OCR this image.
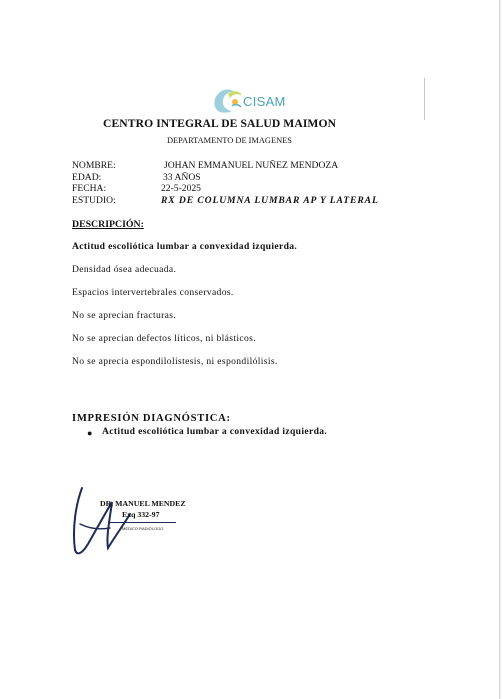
CISAM
· · · · · · · · · · · · ·
CENTRO INTEGRAL DE SALUD MAIMON
DEPARTAMENTO DE IMAGENES
NOMBRE:	JOHAN EMMANUEL NUÑEZ MENDOZA
EDAD:	33 AÑOS
FECHA:	22-5-2025
ESTUDIO:	RX DE COLUMNA LUMBAR AP Y LATERAL
DESCRIPCIÓN:
Actitud escoliótica lumbar a convexidad izquierda.
Densidad ósea adecuada.
Espacios intervertebrales conservados.
No se aprecian fracturas.
No se aprecian defectos líticos, ni blásticos.
No se aprecia espondilolistesis, ni espondilólisis.
IMPRESIÓN DIAGNÓSTICA:
● Actitud escoliótica lumbar a convexidad izquierda.
DR. MANUEL MENDEZ
Exq 332-97
MÉDICO RADIÓLOGO
